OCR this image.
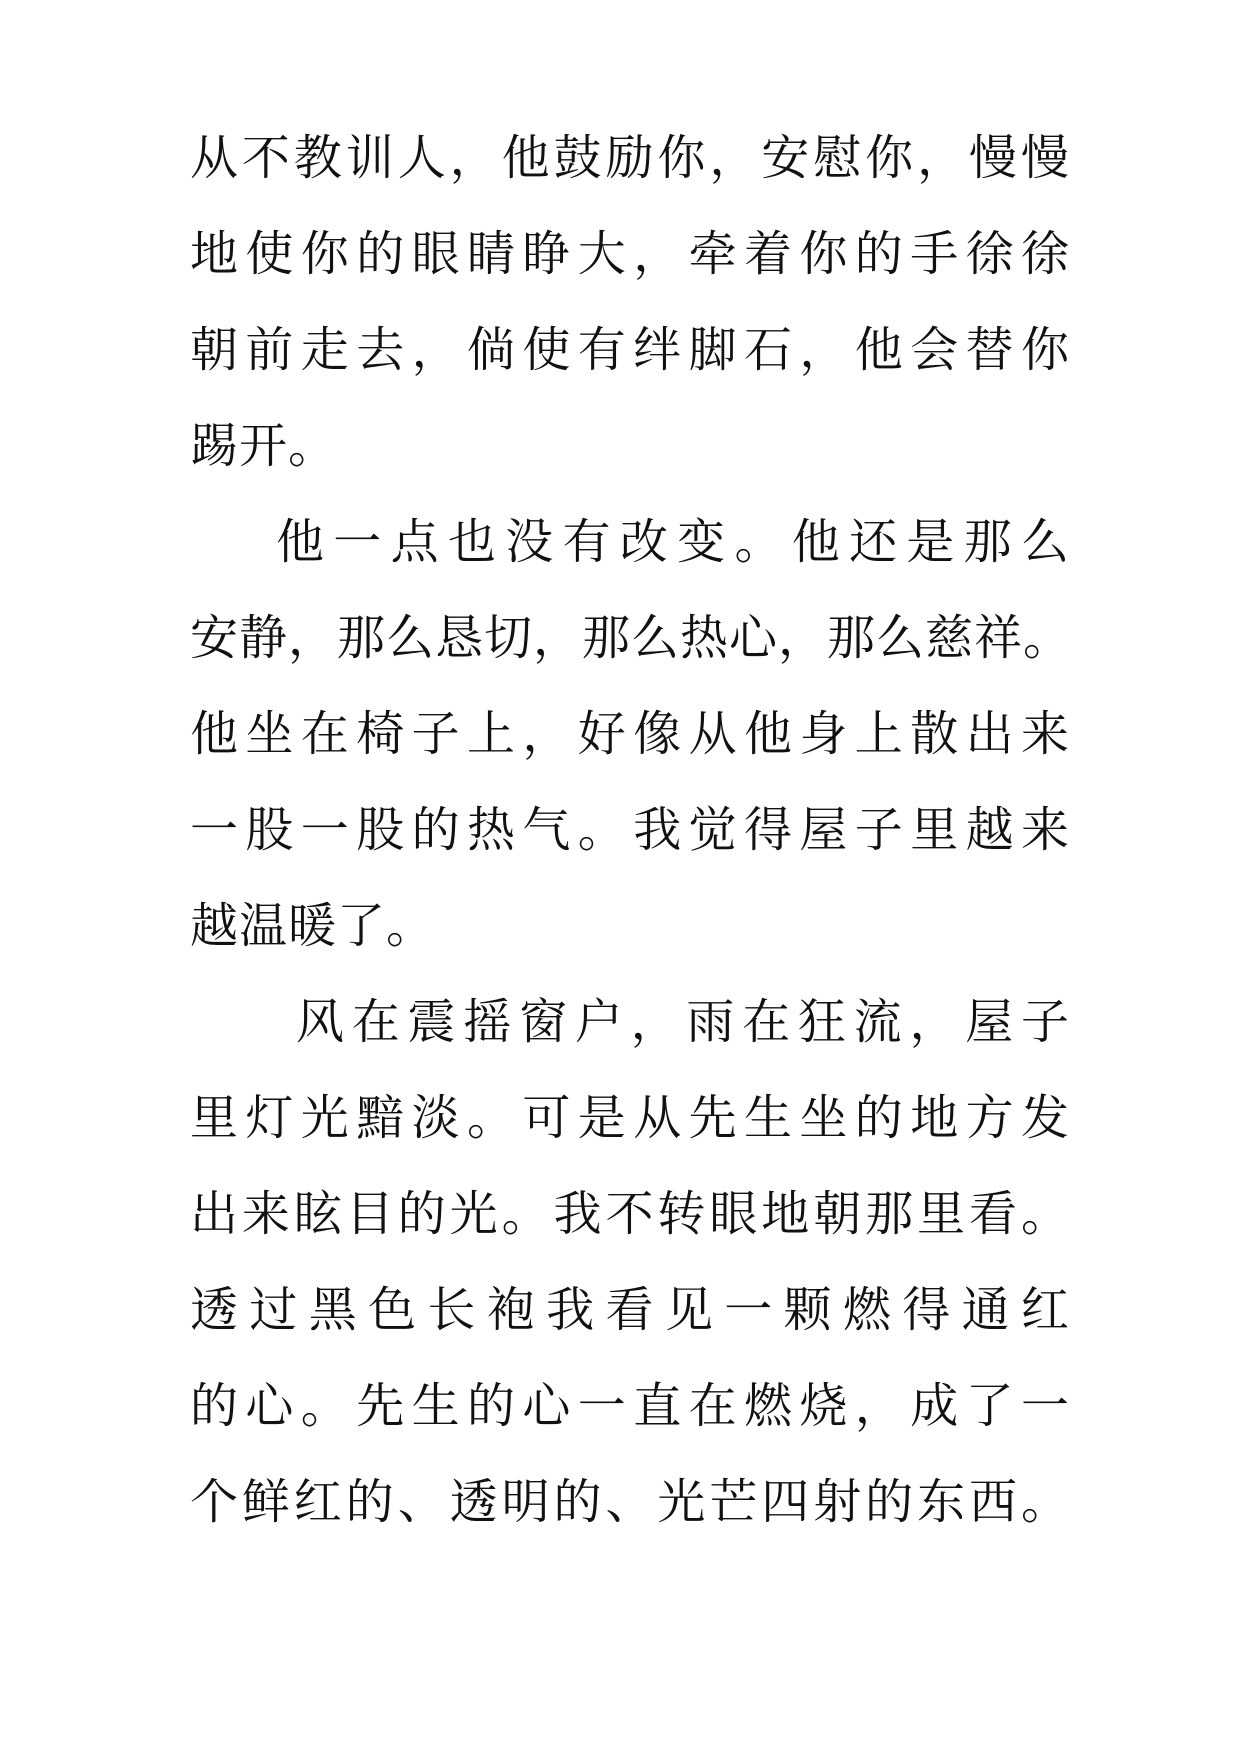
从不教训人，他鼓励你，安慰你，慢慢
地使你的眼睛睁大，牵着你的手徐徐
朝前走去，倘使有绊脚石，他会替你
踢开。
他一点也没有改变。他还是那么
安静，那么恳切，那么热心，那么慈祥。
他坐在椅子上，好像从他身上散出来
一股一股的热气。我觉得屋子里越来
越温暖了。
风在震摇窗户，雨在狂流，屋子
里灯光黯淡。可是从先生坐的地方发
出来眩目的光。我不转眼地朝那里看。
透过黑色长袍我看见一颗燃得通红
的心。先生的心一直在燃烧，成了一
个鲜红的、透明的、光芒四射的东西。
